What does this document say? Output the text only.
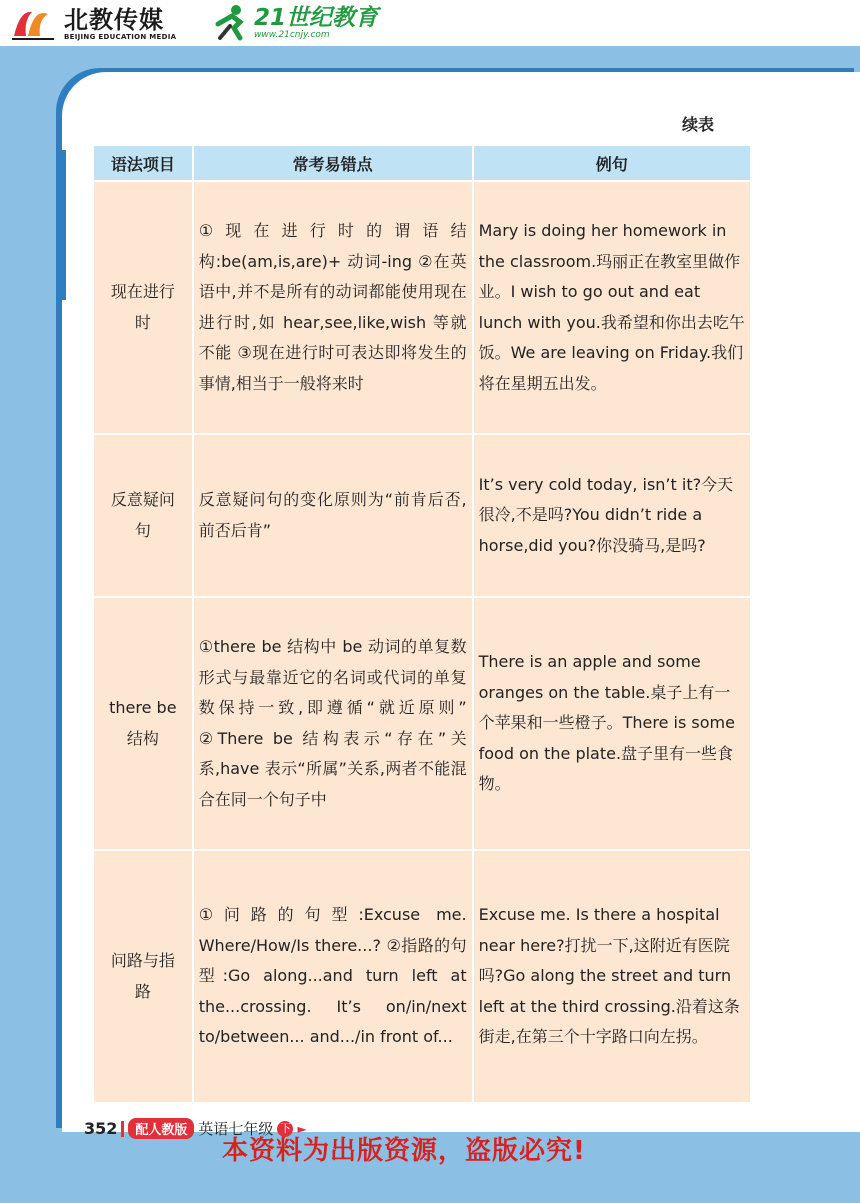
北教传媒
BEIJING EDUCATION MEDIA
21世纪教育
www.21cnjy.com
续表
语法项目	常考易错点	例句
现在进行时	①现在进行时的谓语结构:be(am,is,are)+ 动词-ing ②在英语中,并不是所有的动词都能使用现在进行时,如 hear,see,like,wish 等就不能 ③现在进行时可表达即将发生的事情,相当于一般将来时	Mary is doing her homework in the classroom.玛丽正在教室里做作业。I wish to go out and eat lunch with you.我希望和你出去吃午饭。We are leaving on Friday.我们将在星期五出发。
反意疑问句	反意疑问句的变化原则为“前肯后否,前否后肯”	It’s very cold today, isn’t it?今天很冷,不是吗?You didn’t ride a horse,did you?你没骑马,是吗?
there be 结构	①there be 结构中 be 动词的单复数形式与最靠近它的名词或代词的单复数保持一致,即遵循“就近原则” ②There be 结构表示“存在”关系,have 表示“所属”关系,两者不能混合在同一个句子中	There is an apple and some oranges on the table.桌子上有一个苹果和一些橙子。There is some food on the plate.盘子里有一些食物。
问路与指路	①问路的句型:Excuse me. Where/How/Is there...? ②指路的句型:Go along...and turn left at the...crossing. It’s on/in/next to/between... and.../in front of...	Excuse me. Is there a hospital near here?打扰一下,这附近有医院吗?Go along the street and turn left at the third crossing.沿着这条街走,在第三个十字路口向左拐。
352	配人教版 英语七年级 下 ►
本资料为出版资源，盗版必究!
